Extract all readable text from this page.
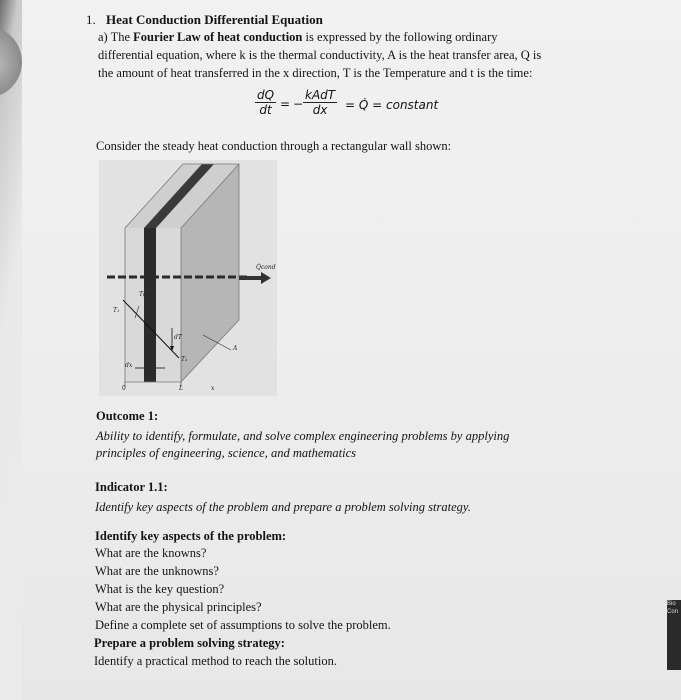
Bio Con
1. Heat Conduction Differential Equation
a) The Fourier Law of heat conduction is expressed by the following ordinary
differential equation, where k is the thermal conductivity, A is the heat transfer area, Q is
the amount of heat transferred in the x direction, T is the Temperature and t is the time:
$\frac{dQ}{dt}$ = −
kAdT
dx	= Q̇ = constant
Consider the steady heat conduction through a rectangular wall shown:
Q̇cond
T(x)
T₁
T₂
dT
A
dx
0	L	x
Outcome 1:
Ability to identify, formulate, and solve complex engineering problems by applying
principles of engineering, science, and mathematics
Indicator 1.1:
Identify key aspects of the problem and prepare a problem solving strategy.
Identify key aspects of the problem:
What are the knowns?
What are the unknowns?
What is the key question?
What are the physical principles?
Define a complete set of assumptions to solve the problem.
Prepare a problem solving strategy:
Identify a practical method to reach the solution.
